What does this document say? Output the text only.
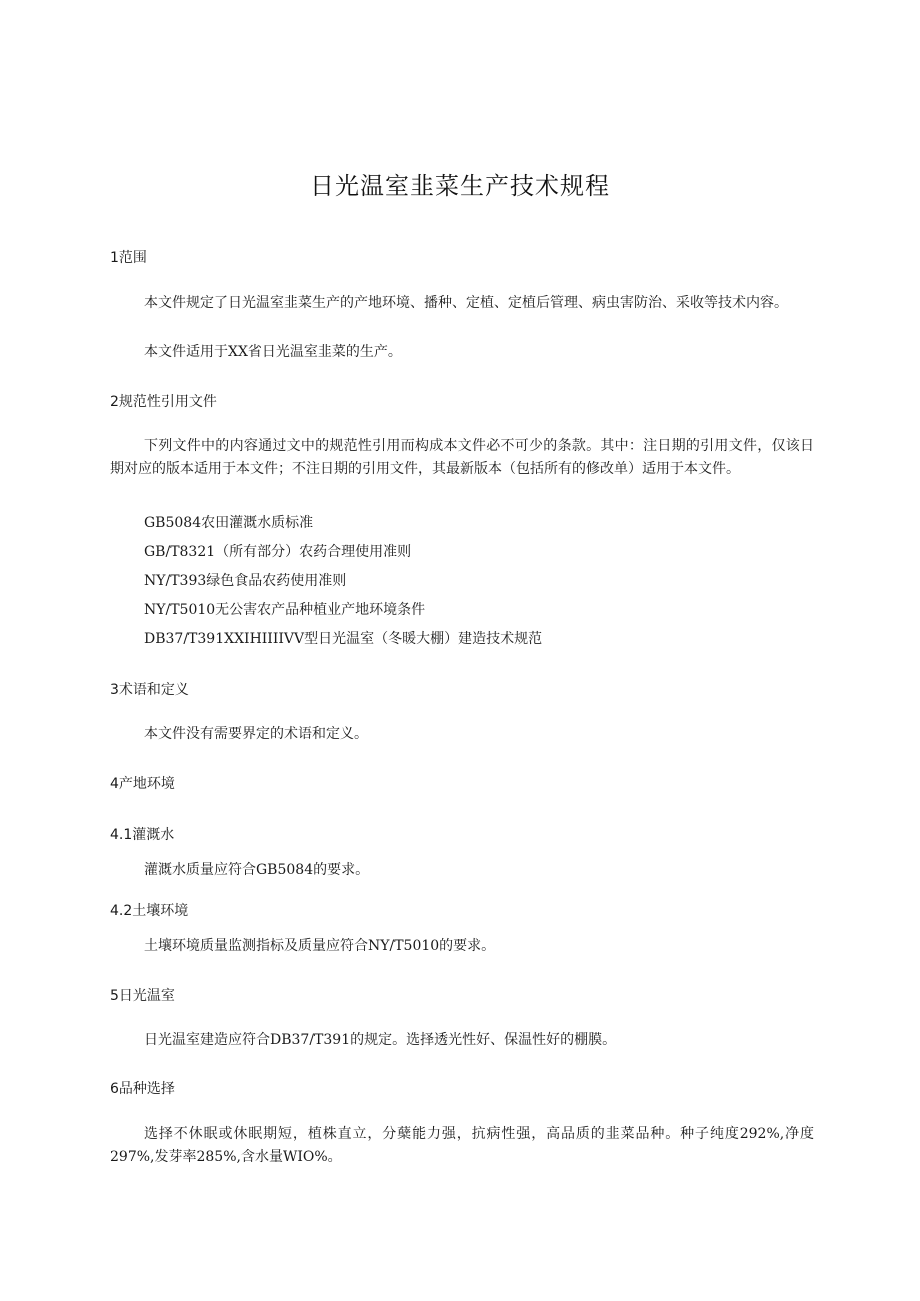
日光温室韭菜生产技术规程
1范围

本文件规定了日光温室韭菜生产的产地环境、播种、定植、定植后管理、病虫害防治、采收等技术内容。

本文件适用于XX省日光温室韭菜的生产。

2规范性引用文件

下列文件中的内容通过文中的规范性引用而构成本文件必不可少的条款。其中：注日期的引用文件，仅该日期对应的版本适用于本文件；不注日期的引用文件，其最新版本（包括所有的修改单）适用于本文件。

GB5084农田灌溉水质标准

GB/T8321（所有部分）农药合理使用准则

NY/T393绿色食品农药使用准则

NY/T5010无公害农产品种植业产地环境条件

DB37/T391XXIHIIIIVV型日光温室（冬暖大棚）建造技术规范

3术语和定义

本文件没有需要界定的术语和定义。

4产地环境
4.1灌溉水

灌溉水质量应符合GB5084的要求。

4.2土壤环境

土壤环境质量监测指标及质量应符合NY/T5010的要求。

5日光温室

日光温室建造应符合DB37/T391的规定。选择透光性好、保温性好的棚膜。

6品种选择

选择不休眠或休眠期短，植株直立，分蘖能力强，抗病性强，高品质的韭菜品种。种子纯度292%,净度297%,发芽率285%,含水量WIO%。
